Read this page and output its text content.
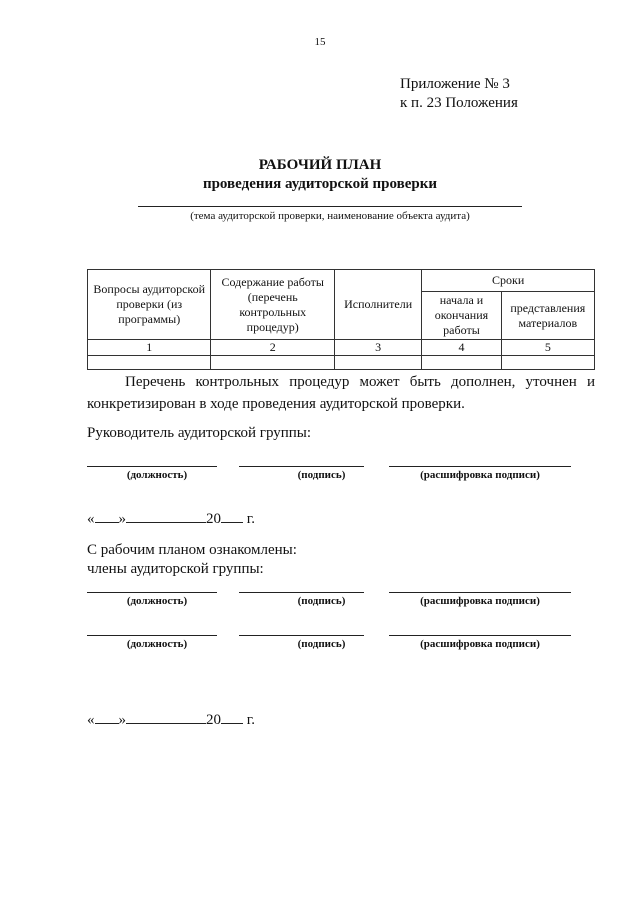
15
Приложение № 3
к п. 23 Положения
РАБОЧИЙ ПЛАН
проведения аудиторской проверки
(тема аудиторской проверки, наименование объекта аудита)
Вопросы аудиторской проверки (из программы)	Содержание работы (перечень контрольных процедур)	Исполнители	Сроки	
			начала и окончания работы	представления материалов
1	2	3	4	5

Перечень контрольных процедур может быть дополнен, уточнен и конкретизирован в ходе проведения аудиторской проверки.
Руководитель аудиторской группы:
(должность)	(подпись)	(расшифровка подписи)
« »	20 г.
С рабочим планом ознакомлены:
члены аудиторской группы:
(должность)	(подпись)	(расшифровка подписи)
(должность)	(подпись)	(расшифровка подписи)
« »	20 г.
